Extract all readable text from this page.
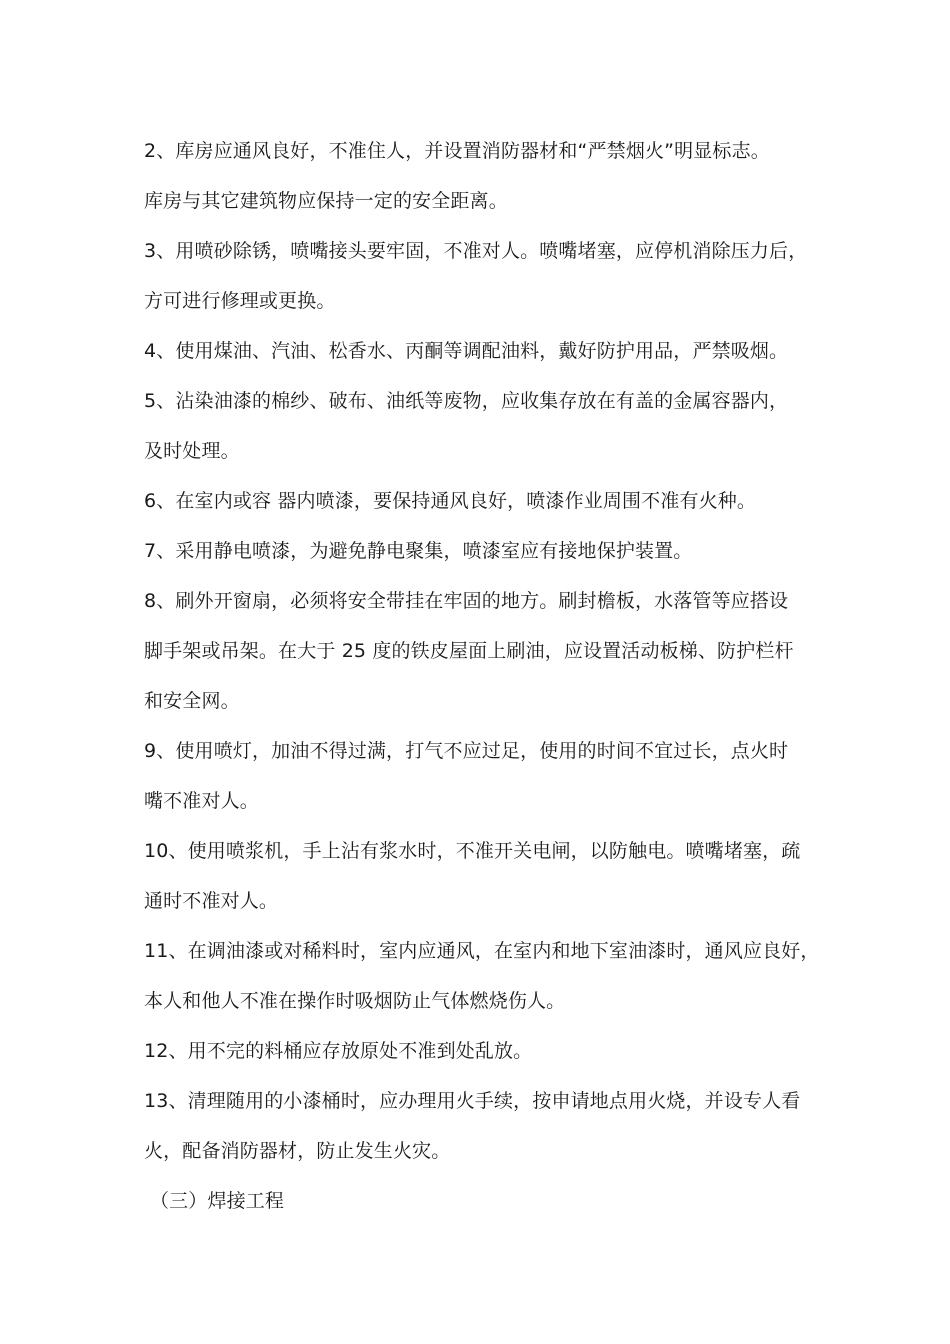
2、库房应通风良好，不准住人，并设置消防器材和“严禁烟火”明显标志。
库房与其它建筑物应保持一定的安全距离。
3、用喷砂除锈，喷嘴接头要牢固，不准对人。喷嘴堵塞，应停机消除压力后，
方可进行修理或更换。
4、使用煤油、汽油、松香水、丙酮等调配油料，戴好防护用品，严禁吸烟。
5、沾染油漆的棉纱、破布、油纸等废物，应收集存放在有盖的金属容器内，
及时处理。
6、在室内或容 器内喷漆，要保持通风良好，喷漆作业周围不准有火种。
7、采用静电喷漆，为避免静电聚集，喷漆室应有接地保护装置。
8、刷外开窗扇，必须将安全带挂在牢固的地方。刷封檐板，水落管等应搭设
脚手架或吊架。在大于 25 度的铁皮屋面上刷油，应设置活动板梯、防护栏杆
和安全网。
9、使用喷灯，加油不得过满，打气不应过足，使用的时间不宜过长，点火时
嘴不准对人。
10、使用喷浆机，手上沾有浆水时，不准开关电闸，以防触电。喷嘴堵塞，疏
通时不准对人。
11、在调油漆或对稀料时，室内应通风，在室内和地下室油漆时，通风应良好，
本人和他人不准在操作时吸烟防止气体燃烧伤人。
12、用不完的料桶应存放原处不准到处乱放。
13、清理随用的小漆桶时，应办理用火手续，按申请地点用火烧，并设专人看
火，配备消防器材，防止发生火灾。
（三）焊接工程
